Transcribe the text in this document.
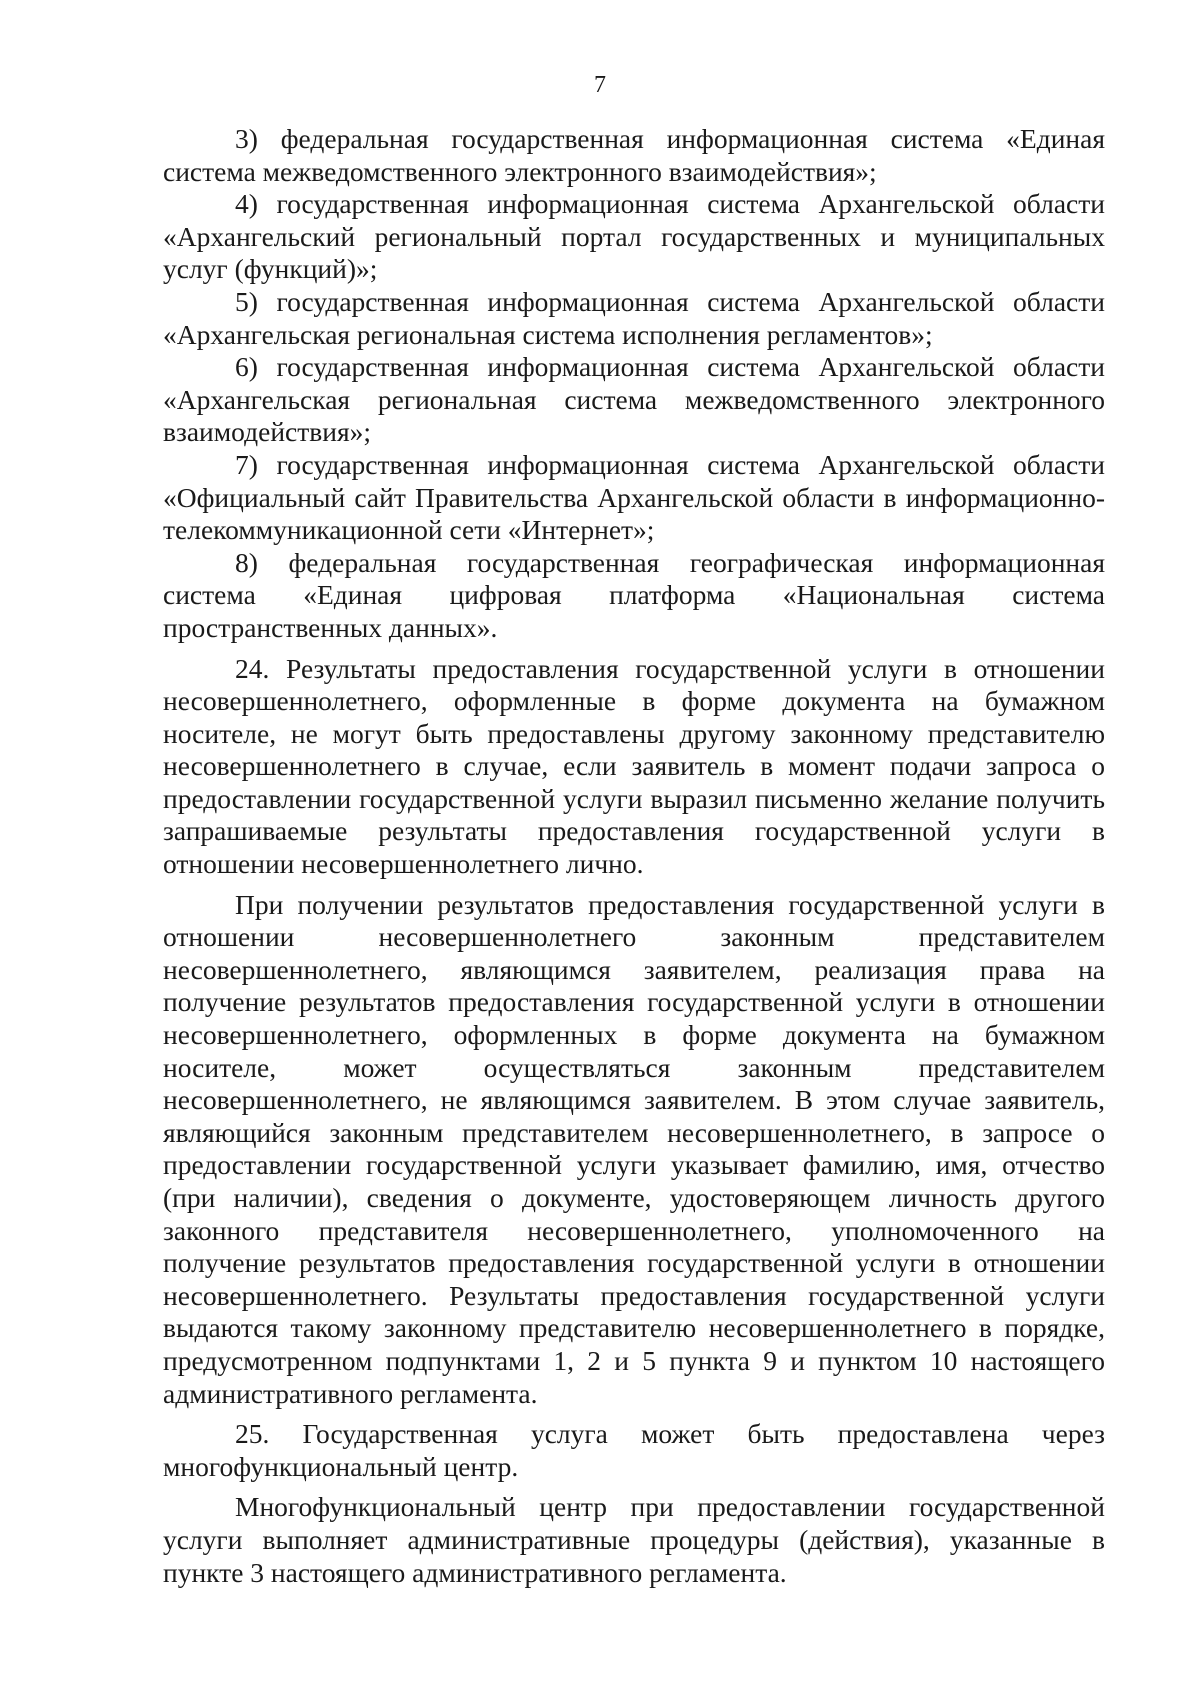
7

3) федеральная государственная информационная система «Единая система межведомственного электронного взаимодействия»;

4) государственная информационная система Архангельской области «Архангельский региональный портал государственных и муниципальных услуг (функций)»;

5) государственная информационная система Архангельской области «Архангельская региональная система исполнения регламентов»;

6) государственная информационная система Архангельской области «Архангельская региональная система межведомственного электронного взаимодействия»;

7) государственная информационная система Архангельской области «Официальный сайт Правительства Архангельской области в информационно-телекоммуникационной сети «Интернет»;

8) федеральная государственная географическая информационная система «Единая цифровая платформа «Национальная система пространственных данных».

24. Результаты предоставления государственной услуги в отношении несовершеннолетнего, оформленные в форме документа на бумажном носителе, не могут быть предоставлены другому законному представителю несовершеннолетнего в случае, если заявитель в момент подачи запроса о предоставлении государственной услуги выразил письменно желание получить запрашиваемые результаты предоставления государственной услуги в отношении несовершеннолетнего лично.

При получении результатов предоставления государственной услуги в отношении несовершеннолетнего законным представителем несовершеннолетнего, являющимся заявителем, реализация права на получение результатов предоставления государственной услуги в отношении несовершеннолетнего, оформленных в форме документа на бумажном носителе, может осуществляться законным представителем несовершеннолетнего, не являющимся заявителем. В этом случае заявитель, являющийся законным представителем несовершеннолетнего, в запросе о предоставлении государственной услуги указывает фамилию, имя, отчество (при наличии), сведения о документе, удостоверяющем личность другого законного представителя несовершеннолетнего, уполномоченного на получение результатов предоставления государственной услуги в отношении несовершеннолетнего. Результаты предоставления государственной услуги выдаются такому законному представителю несовершеннолетнего в порядке, предусмотренном подпунктами 1, 2 и 5 пункта 9 и пунктом 10 настоящего административного регламента.

25. Государственная услуга может быть предоставлена через многофункциональный центр.

Многофункциональный центр при предоставлении государственной услуги выполняет административные процедуры (действия), указанные в пункте 3 настоящего административного регламента.
